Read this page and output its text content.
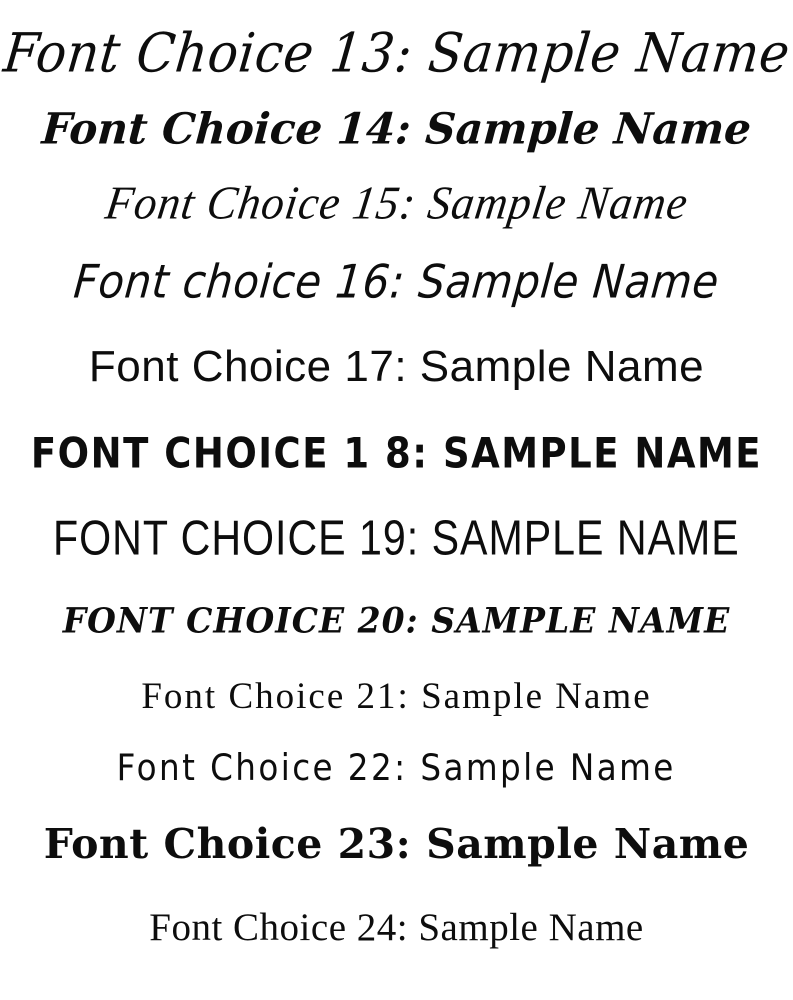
Font Choice 13: Sample Name
Font Choice 14: Sample Name
Font Choice 15: Sample Name
Font choice 16: Sample Name
Font Choice 17: Sample Name
FONT CHOICE 1 8: SAMPLE NAME
FONT CHOICE 19: SAMPLE NAME
FONT CHOICE 20: SAMPLE NAME
Font Choice 21: Sample Name
Font Choice 22: Sample Name
Font Choice 23: Sample Name
Font Choice 24: Sample Name
